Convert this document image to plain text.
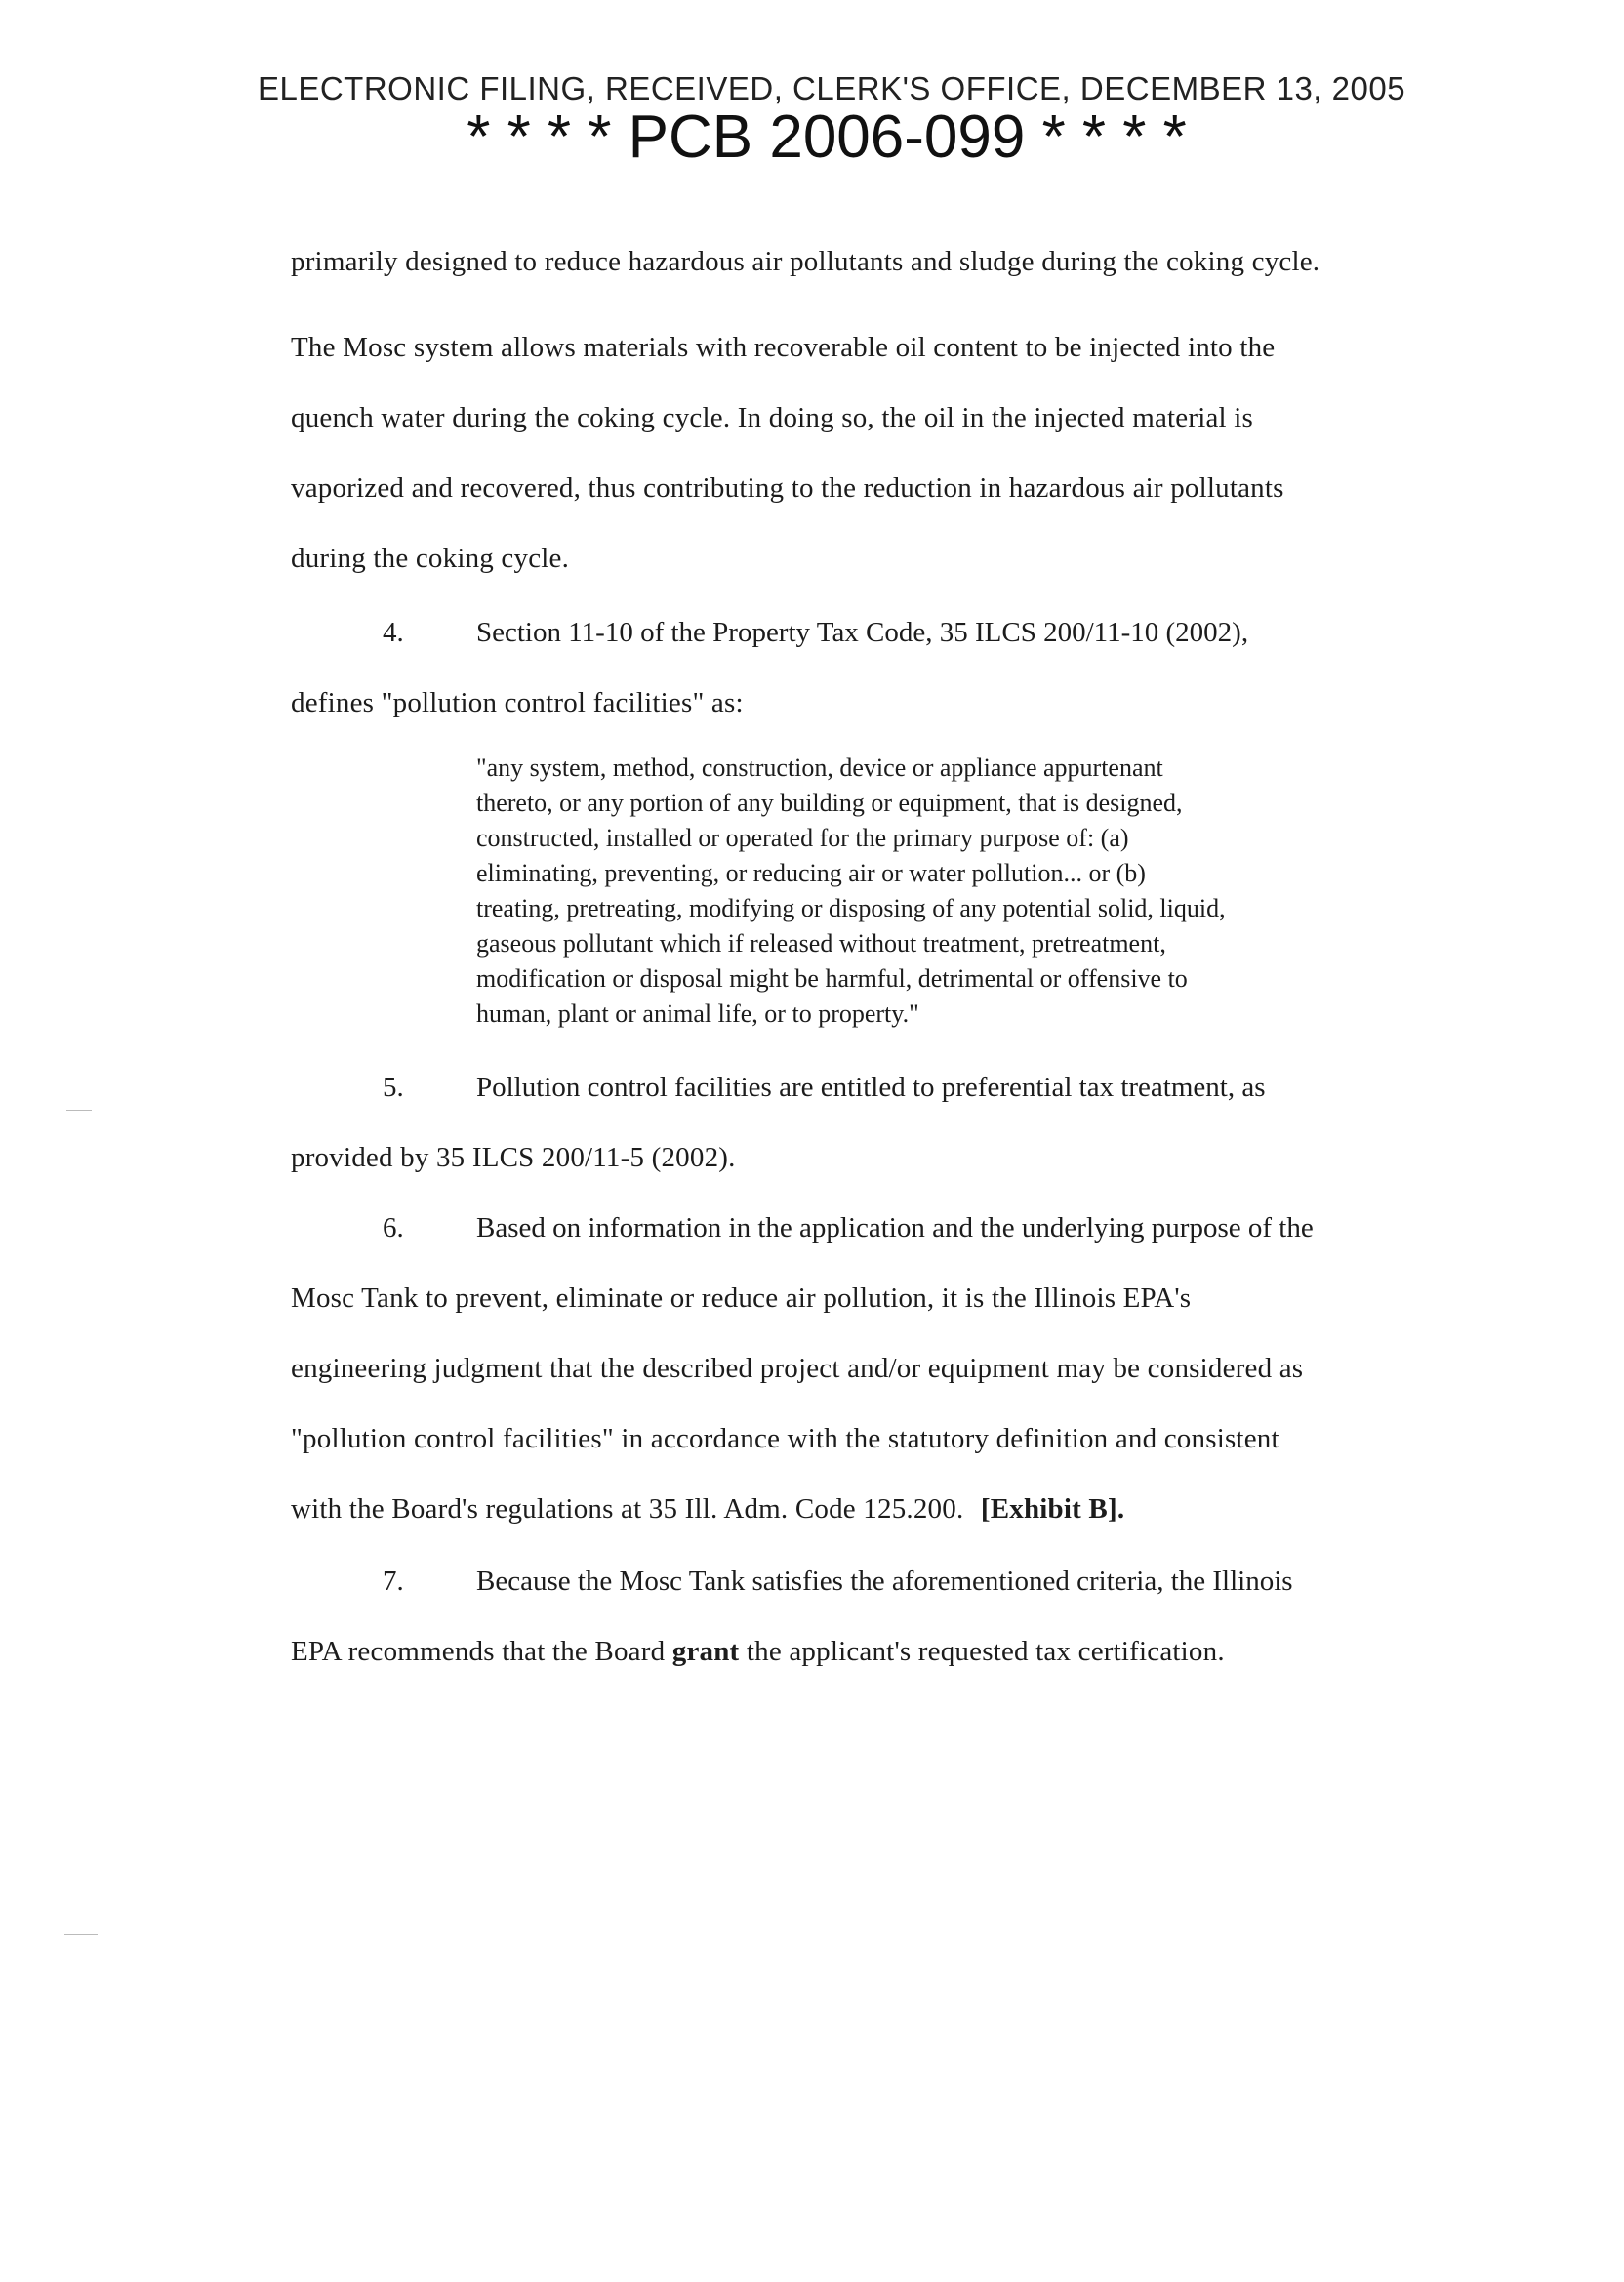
ELECTRONIC FILING, RECEIVED, CLERK'S OFFICE, DECEMBER 13, 2005
* * * * PCB 2006-099 * * * *
primarily designed to reduce hazardous air pollutants and sludge during the coking cycle.
The Mosc system allows materials with recoverable oil content to be injected into the
quench water during the coking cycle. In doing so, the oil in the injected material is
vaporized and recovered, thus contributing to the reduction in hazardous air pollutants
during the coking cycle.
4.	Section 11-10 of the Property Tax Code, 35 ILCS 200/11-10 (2002),
defines "pollution control facilities" as:
"any system, method, construction, device or appliance appurtenant
thereto, or any portion of any building or equipment, that is designed,
constructed, installed or operated for the primary purpose of: (a)
eliminating, preventing, or reducing air or water pollution... or (b)
treating, pretreating, modifying or disposing of any potential solid, liquid,
gaseous pollutant which if released without treatment, pretreatment,
modification or disposal might be harmful, detrimental or offensive to
human, plant or animal life, or to property."
5.	Pollution control facilities are entitled to preferential tax treatment, as
provided by 35 ILCS 200/11-5 (2002).
6.	Based on information in the application and the underlying purpose of the
Mosc Tank to prevent, eliminate or reduce air pollution, it is the Illinois EPA's
engineering judgment that the described project and/or equipment may be considered as
"pollution control facilities" in accordance with the statutory definition and consistent
with the Board's regulations at 35 Ill. Adm. Code 125.200. [Exhibit B].
7.	Because the Mosc Tank satisfies the aforementioned criteria, the Illinois
EPA recommends that the Board grant the applicant's requested tax certification.
